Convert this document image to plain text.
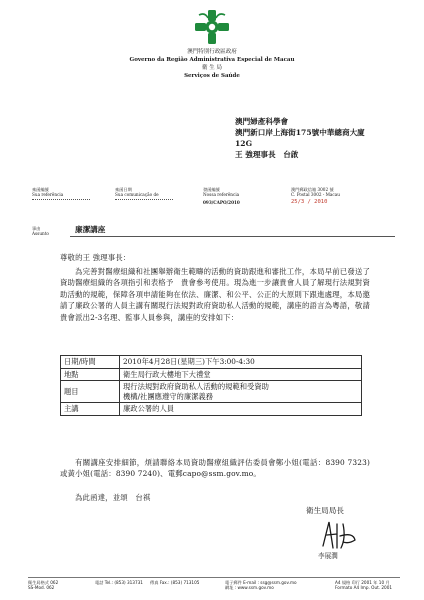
澳門特別行政區政府
Governo da Região Administrativa Especial de Macau
衛 生 局
Serviços de Saúde
澳門婦產科學會
澳門新口岸上海街175號中華總商大廈
12G
王 強理事長　台啟
來函編號
Sua referência
來函日期
Sua comunicação de
發函編號
Nossa referência
093/CAPO/2010
澳門郵政信箱 3002 號
C. Postal 3002 - Macau
25/3 / 2010
事由
Assunto	廉潔講座
尊敬的王 強理事長：
為完善對醫療組織和社團舉辦衛生範疇的活動的資助跟進和審批工作，本局早前已發送了資助醫療組織的各項指引和表格予　貴會參考使用。現為進一步讓貴會人員了解現行法規對資助活動的規範，保障各項申請能夠在依法、廉潔、和公平、公正的大原則下跟進處理，本局邀請了廉政公署的人員主講有關現行法規對政府資助私人活動的規範，講座的語言為粵語，敬請　貴會派出2-3名理、監事人員參與，講座的安排如下：
日期/時間	2010年4月28日(星期三)下午3:00-4:30
地點	衛生局行政大樓地下大禮堂
題目	現行法規對政府資助私人活動的規範和受資助
機構/社團應遵守的廉潔義務

主講	廉政公署的人員
有關講座安排細節，煩請聯絡本局資助醫療組織評估委員會鄭小姐(電話：8390 7323)或黃小姐(電話：8390 7240)、電郵capo@ssm.gov.mo。
為此函達，並頌　台祺
衛生局局長
李展潤
衛生局格式 062
SS-Mod. 062
電話 Tel.: (853) 313731 傳真 Fax.: (853) 713105	電子郵件 E-mail : ssg@ssm.gov.mo
網址 : www.ssm.gov.mo
A4 規格 印行 2001 年 10 月
Formato A4 Imp. Out. 2001
